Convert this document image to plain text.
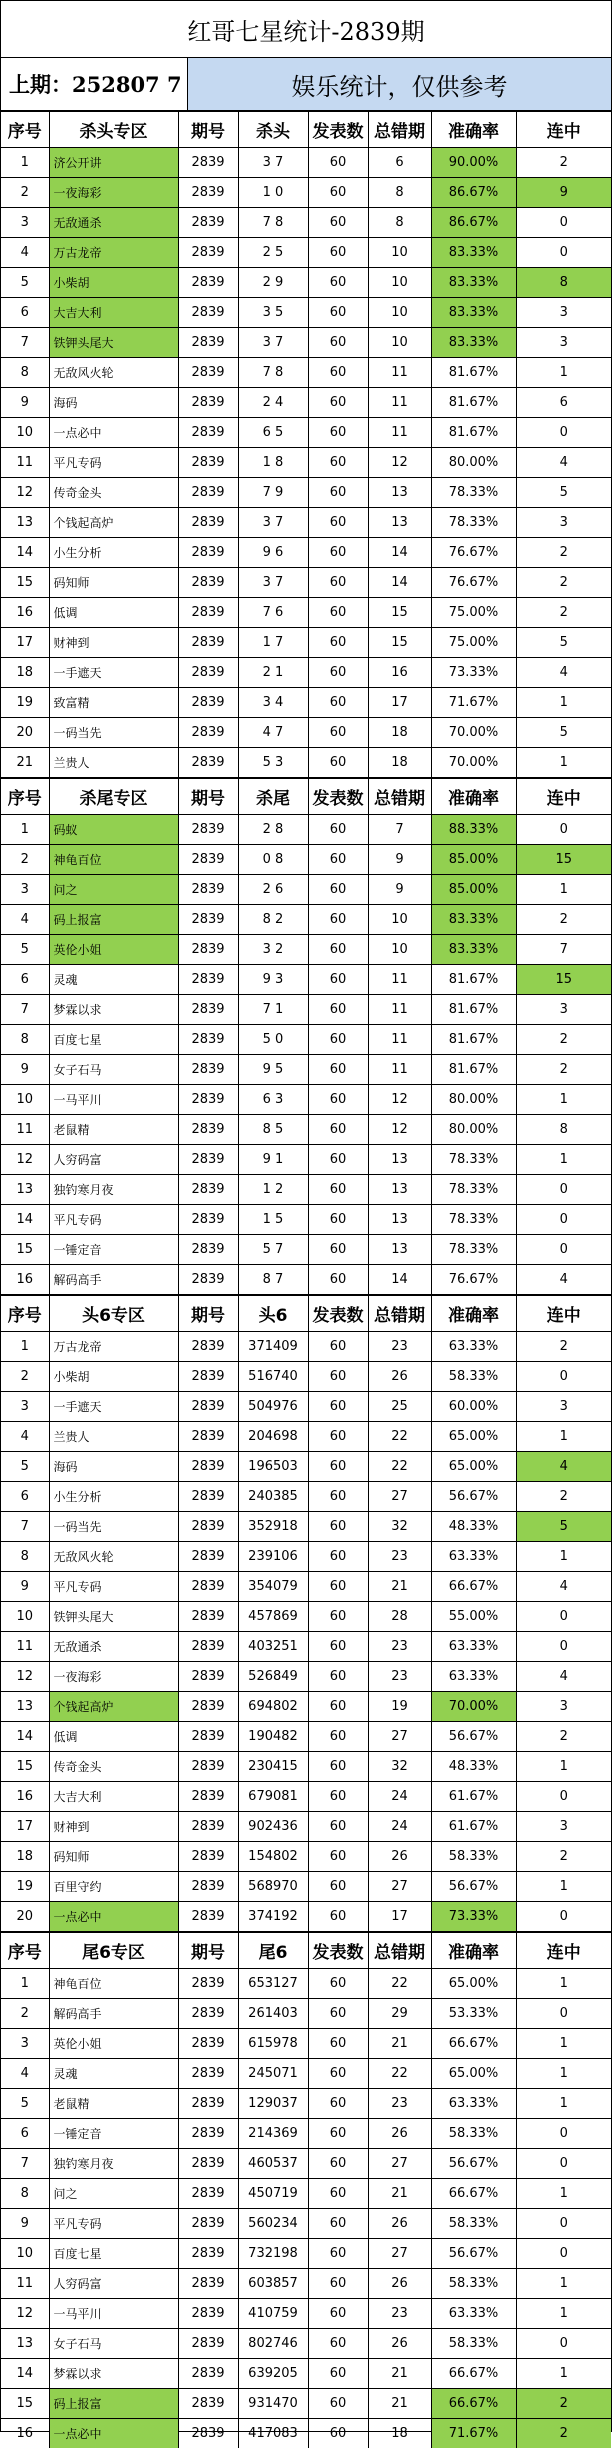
红哥七星统计-2839期
上期：252807 7	娱乐统计，仅供参考
序号	杀头专区	期号	杀头	发表数	总错期	准确率	连中
1	济公开讲	2839	3 7	60	6	90.00%	2
2	一夜海彩	2839	1 0	60	8	86.67%	9
3	无敌通杀	2839	7 8	60	8	86.67%	0
4	万古龙帝	2839	2 5	60	10	83.33%	0
5	小柴胡	2839	2 9	60	10	83.33%	8
6	大吉大利	2839	3 5	60	10	83.33%	3
7	铁钾头尾大	2839	3 7	60	10	83.33%	3
8	无敌风火轮	2839	7 8	60	11	81.67%	1
9	海码	2839	2 4	60	11	81.67%	6
10	一点必中	2839	6 5	60	11	81.67%	0
11	平凡专码	2839	1 8	60	12	80.00%	4
12	传奇金头	2839	7 9	60	13	78.33%	5
13	个钱起高炉	2839	3 7	60	13	78.33%	3
14	小生分析	2839	9 6	60	14	76.67%	2
15	码知师	2839	3 7	60	14	76.67%	2
16	低调	2839	7 6	60	15	75.00%	2
17	财神到	2839	1 7	60	15	75.00%	5
18	一手遮天	2839	2 1	60	16	73.33%	4
19	致富精	2839	3 4	60	17	71.67%	1
20	一码当先	2839	4 7	60	18	70.00%	5
21	兰贵人	2839	5 3	60	18	70.00%	1
序号	杀尾专区	期号	杀尾	发表数	总错期	准确率	连中
1	码蚁	2839	2 8	60	7	88.33%	0
2	神龟百位	2839	0 8	60	9	85.00%	15
3	问之	2839	2 6	60	9	85.00%	1
4	码上报富	2839	8 2	60	10	83.33%	2
5	英伦小姐	2839	3 2	60	10	83.33%	7
6	灵魂	2839	9 3	60	11	81.67%	15
7	梦霖以求	2839	7 1	60	11	81.67%	3
8	百度七星	2839	5 0	60	11	81.67%	2
9	女子石马	2839	9 5	60	11	81.67%	2
10	一马平川	2839	6 3	60	12	80.00%	1
11	老鼠精	2839	8 5	60	12	80.00%	8
12	人穷码富	2839	9 1	60	13	78.33%	1
13	独钓寒月夜	2839	1 2	60	13	78.33%	0
14	平凡专码	2839	1 5	60	13	78.33%	0
15	一锤定音	2839	5 7	60	13	78.33%	0
16	解码高手	2839	8 7	60	14	76.67%	4
序号	头6专区	期号	头6	发表数	总错期	准确率	连中
1	万古龙帝	2839	371409	60	23	63.33%	2
2	小柴胡	2839	516740	60	26	58.33%	0
3	一手遮天	2839	504976	60	25	60.00%	3
4	兰贵人	2839	204698	60	22	65.00%	1
5	海码	2839	196503	60	22	65.00%	4
6	小生分析	2839	240385	60	27	56.67%	2
7	一码当先	2839	352918	60	32	48.33%	5
8	无敌风火轮	2839	239106	60	23	63.33%	1
9	平凡专码	2839	354079	60	21	66.67%	4
10	铁钾头尾大	2839	457869	60	28	55.00%	0
11	无敌通杀	2839	403251	60	23	63.33%	0
12	一夜海彩	2839	526849	60	23	63.33%	4
13	个钱起高炉	2839	694802	60	19	70.00%	3
14	低调	2839	190482	60	27	56.67%	2
15	传奇金头	2839	230415	60	32	48.33%	1
16	大吉大利	2839	679081	60	24	61.67%	0
17	财神到	2839	902436	60	24	61.67%	3
18	码知师	2839	154802	60	26	58.33%	2
19	百里守约	2839	568970	60	27	56.67%	1
20	一点必中	2839	374192	60	17	73.33%	0
序号	尾6专区	期号	尾6	发表数	总错期	准确率	连中
1	神龟百位	2839	653127	60	22	65.00%	1
2	解码高手	2839	261403	60	29	53.33%	0
3	英伦小姐	2839	615978	60	21	66.67%	1
4	灵魂	2839	245071	60	22	65.00%	1
5	老鼠精	2839	129037	60	23	63.33%	1
6	一锤定音	2839	214369	60	26	58.33%	0
7	独钓寒月夜	2839	460537	60	27	56.67%	0
8	问之	2839	450719	60	21	66.67%	1
9	平凡专码	2839	560234	60	26	58.33%	0
10	百度七星	2839	732198	60	27	56.67%	0
11	人穷码富	2839	603857	60	26	58.33%	1
12	一马平川	2839	410759	60	23	63.33%	1
13	女子石马	2839	802746	60	26	58.33%	0
14	梦霖以求	2839	639205	60	21	66.67%	1
15	码上报富	2839	931470	60	21	66.67%	2
16	一点必中	2839	417083	60	18	71.67%	2
